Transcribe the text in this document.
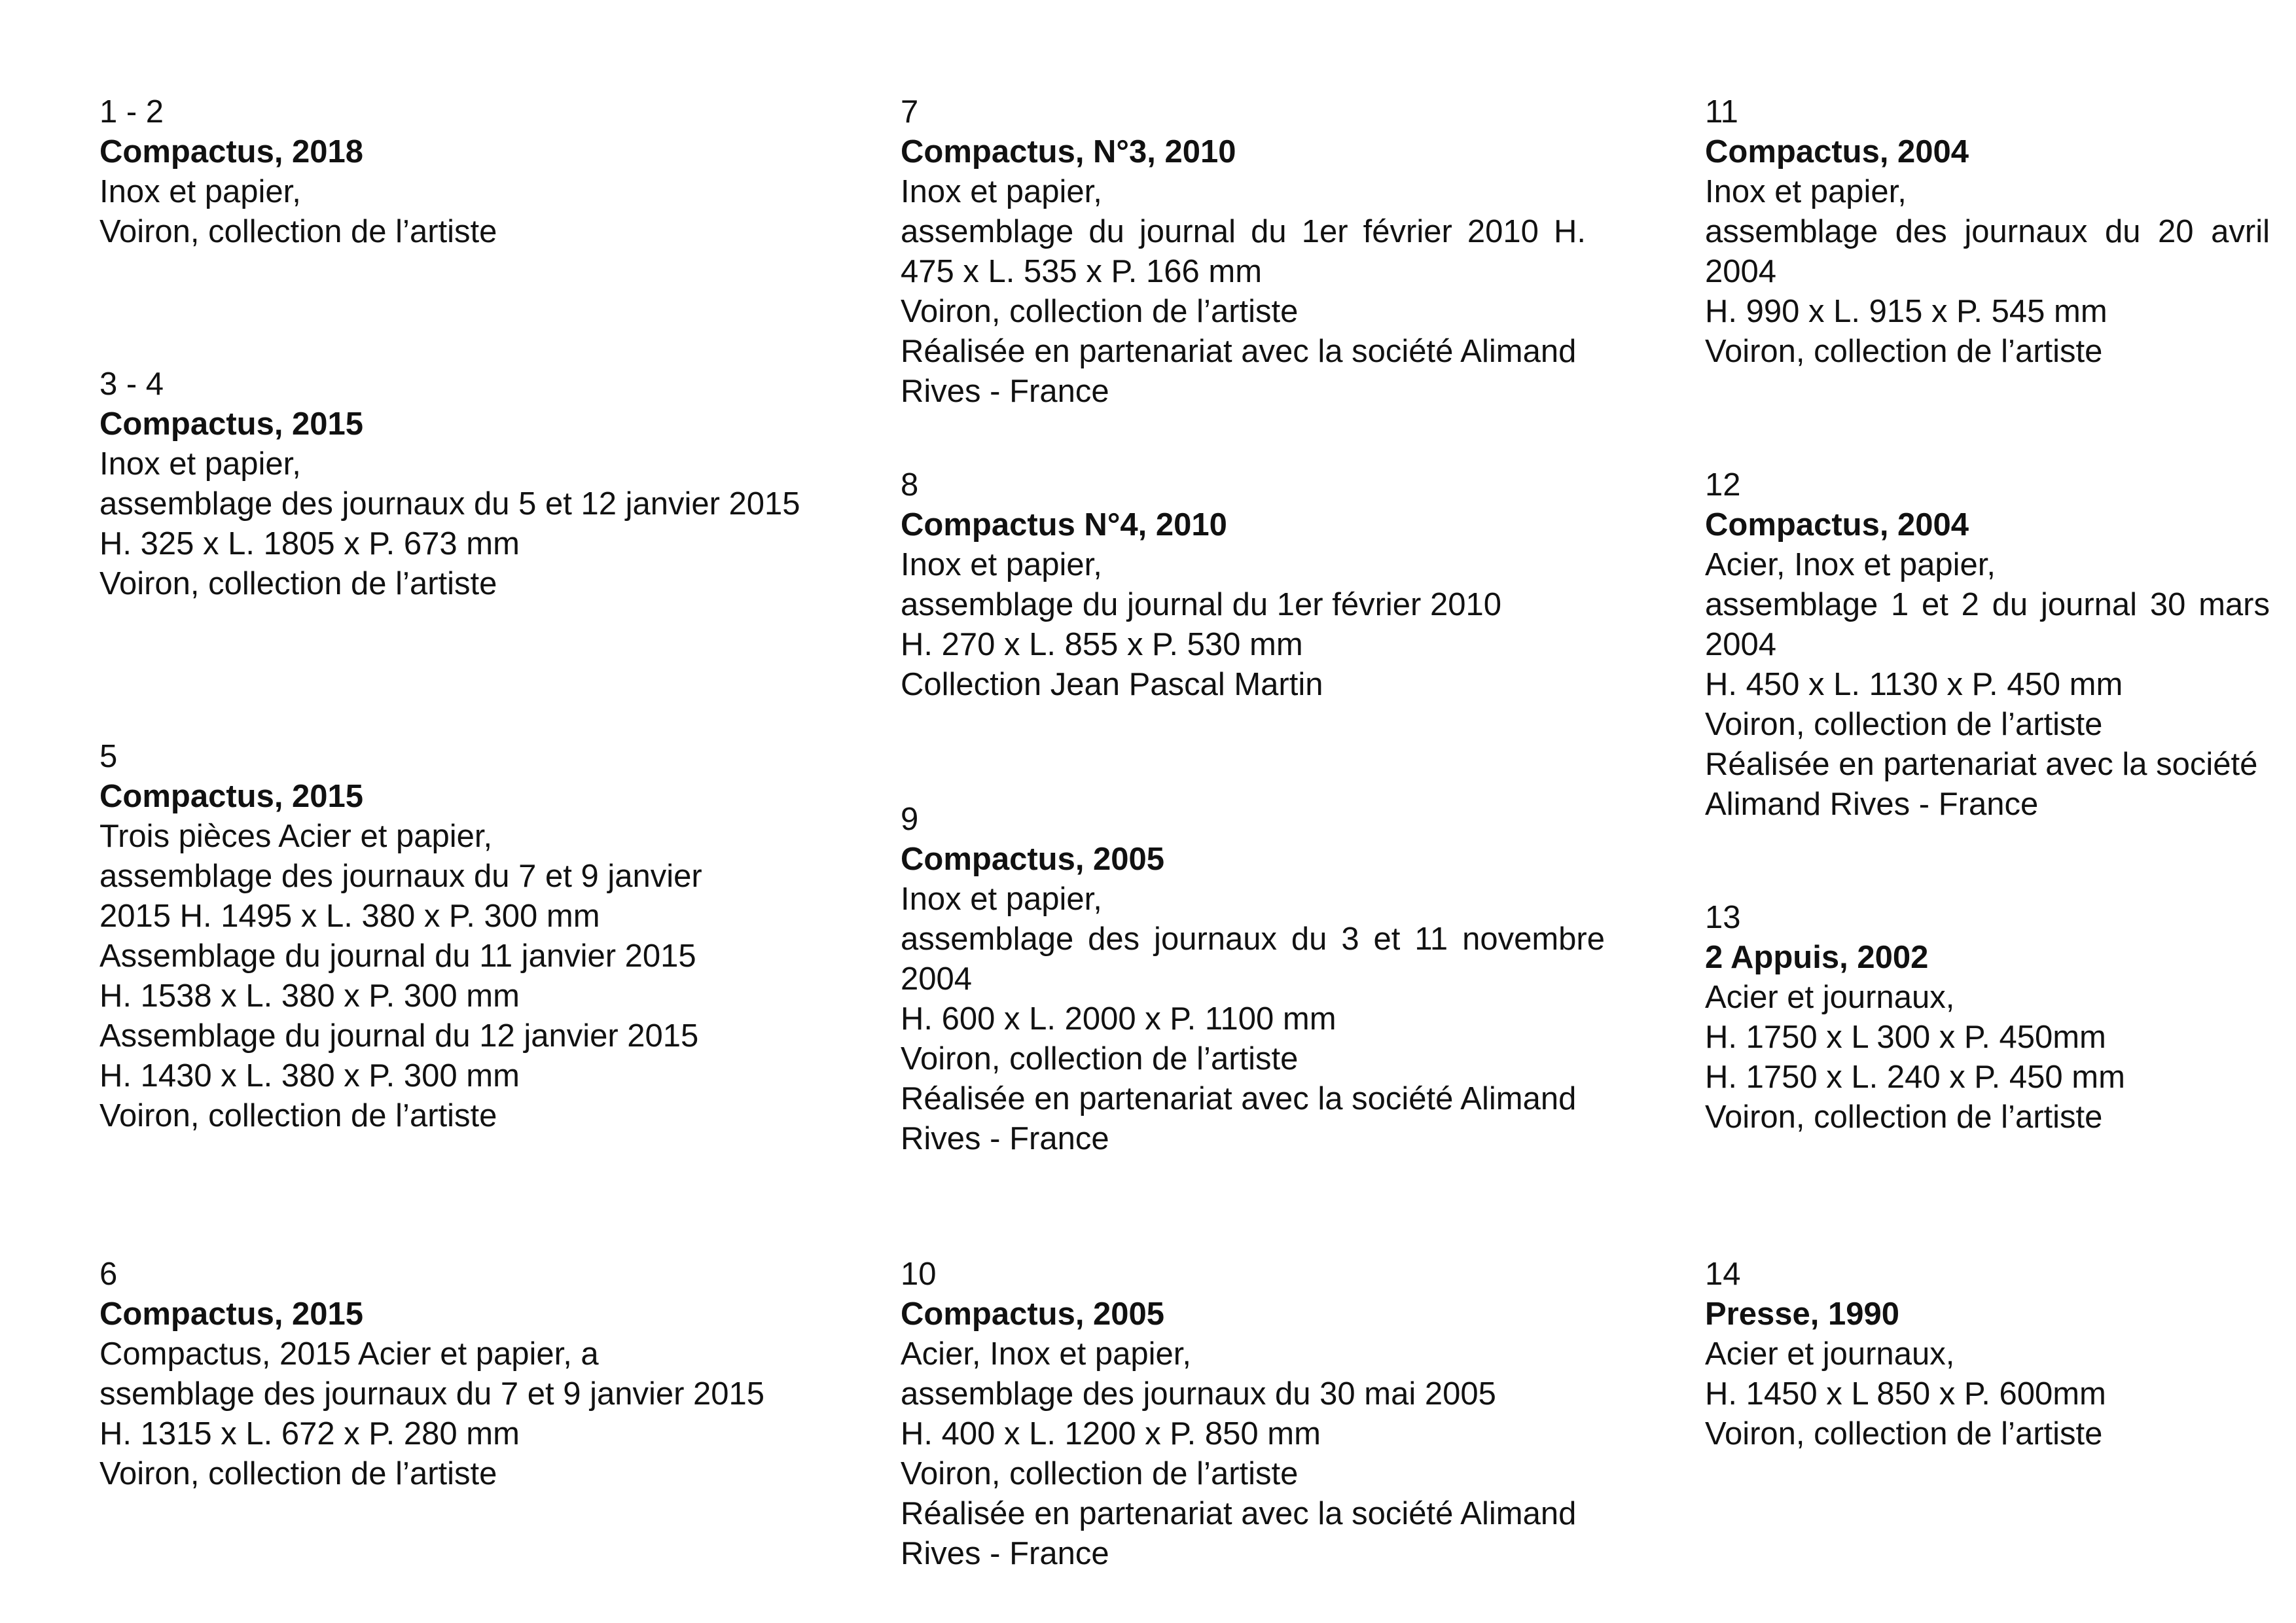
1 - 2
Compactus, 2018
Inox et papier,
Voiron, collection de l’artiste
3 - 4
Compactus, 2015
Inox et papier,
assemblage des journaux du 5 et 12 janvier 2015
H. 325 x L. 1805 x P. 673 mm
Voiron, collection de l’artiste
5
Compactus, 2015
Trois pièces Acier et papier,
assemblage des journaux du 7 et 9 janvier
2015 H. 1495 x L. 380 x P. 300 mm
Assemblage du journal du 11 janvier 2015
H. 1538 x L. 380 x P. 300 mm
Assemblage du journal du 12 janvier 2015
H. 1430 x L. 380 x P. 300 mm
Voiron, collection de l’artiste
6
Compactus, 2015
Compactus, 2015 Acier et papier, a
ssemblage des journaux du 7 et 9 janvier 2015
H. 1315 x L. 672 x P. 280 mm
Voiron, collection de l’artiste
7
Compactus, N°3, 2010
Inox et papier,
assemblage du journal du 1er février 2010 H.
475 x L. 535 x P. 166 mm
Voiron, collection de l’artiste
Réalisée en partenariat avec la société Alimand
Rives - France
8
Compactus N°4, 2010
Inox et papier,
assemblage du journal du 1er février 2010
H. 270 x L. 855 x P. 530 mm
Collection Jean Pascal Martin
9
Compactus, 2005
Inox et papier,
assemblage des journaux du 3 et 11 novembre
2004
H. 600 x L. 2000 x P. 1100 mm
Voiron, collection de l’artiste
Réalisée en partenariat avec la société Alimand
Rives - France
10
Compactus, 2005
Acier, Inox et papier,
assemblage des journaux du 30 mai 2005
H. 400 x L. 1200 x P. 850 mm
Voiron, collection de l’artiste
Réalisée en partenariat avec la société Alimand
Rives - France
11
Compactus, 2004
Inox et papier,
assemblage des journaux du 20 avril
2004
H. 990 x L. 915 x P. 545 mm
Voiron, collection de l’artiste
12
Compactus, 2004
Acier, Inox et papier,
assemblage 1 et 2 du journal 30 mars
2004
H. 450 x L. 1130 x P. 450 mm
Voiron, collection de l’artiste
Réalisée en partenariat avec la société
Alimand Rives - France
13
2 Appuis, 2002
Acier et journaux,
H. 1750 x L 300 x P. 450mm
H. 1750 x L. 240 x P. 450 mm
Voiron, collection de l’artiste
14
Presse, 1990
Acier et journaux,
H. 1450 x L 850 x P. 600mm
Voiron, collection de l’artiste
